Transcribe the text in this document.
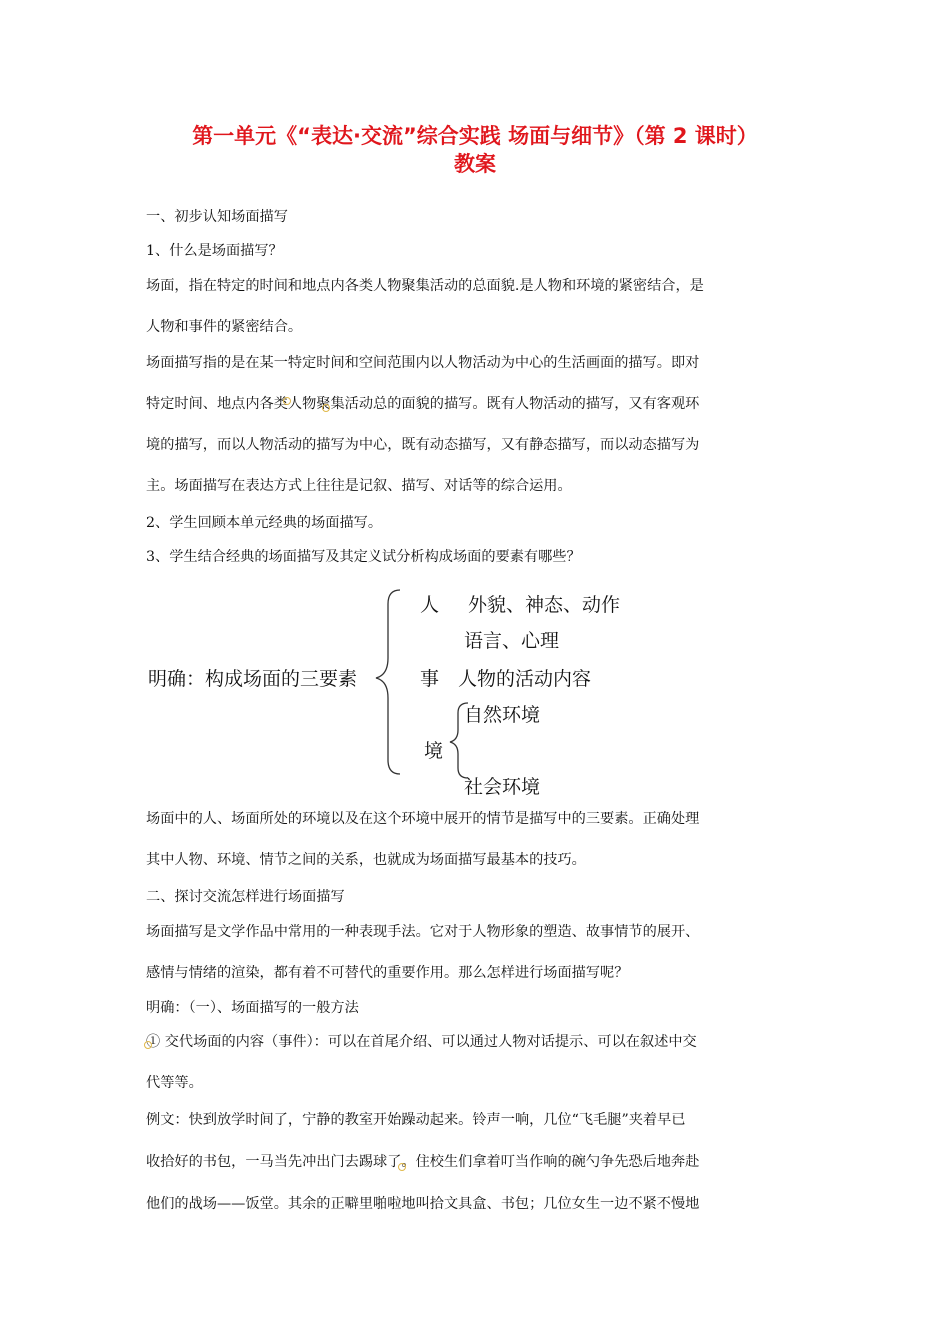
第一单元《“表达·交流”综合实践 场面与细节》（第 2 课时）
教案
一、初步认知场面描写
1、什么是场面描写？
场面，指在特定的时间和地点内各类人物聚集活动的总面貌.是人物和环境的紧密结合，是
人物和事件的紧密结合。
场面描写指的是在某一特定时间和空间范围内以人物活动为中心的生活画面的描写。即对
特定时间、地点内各类人物聚集活动总的面貌的描写。既有人物活动的描写，又有客观环
境的描写，而以人物活动的描写为中心，既有动态描写，又有静态描写，而以动态描写为
主。场面描写在表达方式上往往是记叙、描写、对话等的综合运用。
2、学生回顾本单元经典的场面描写。
3、学生结合经典的场面描写及其定义试分析构成场面的要素有哪些？
明确：构成场面的三要素
人 外貌、神态、动作
语言、心理
事 人物的活动内容
自然环境
境
社会环境
场面中的人、场面所处的环境以及在这个环境中展开的情节是描写中的三要素。正确处理
其中人物、环境、情节之间的关系，也就成为场面描写最基本的技巧。
二、探讨交流怎样进行场面描写
场面描写是文学作品中常用的一种表现手法。它对于人物形象的塑造、故事情节的展开、
感情与情绪的渲染，都有着不可替代的重要作用。那么怎样进行场面描写呢？
明确：（一）、场面描写的一般方法
① 交代场面的内容（事件）：可以在首尾介绍、可以通过人物对话提示、可以在叙述中交
代等等。
例文：快到放学时间了，宁静的教室开始躁动起来。铃声一响，几位“飞毛腿”夹着早已
收拾好的书包，一马当先冲出门去踢球了。住校生们拿着叮当作响的碗勺争先恐后地奔赴
他们的战场——饭堂。其余的正噼里啪啦地叫拾文具盒、书包；几位女生一边不紧不慢地
